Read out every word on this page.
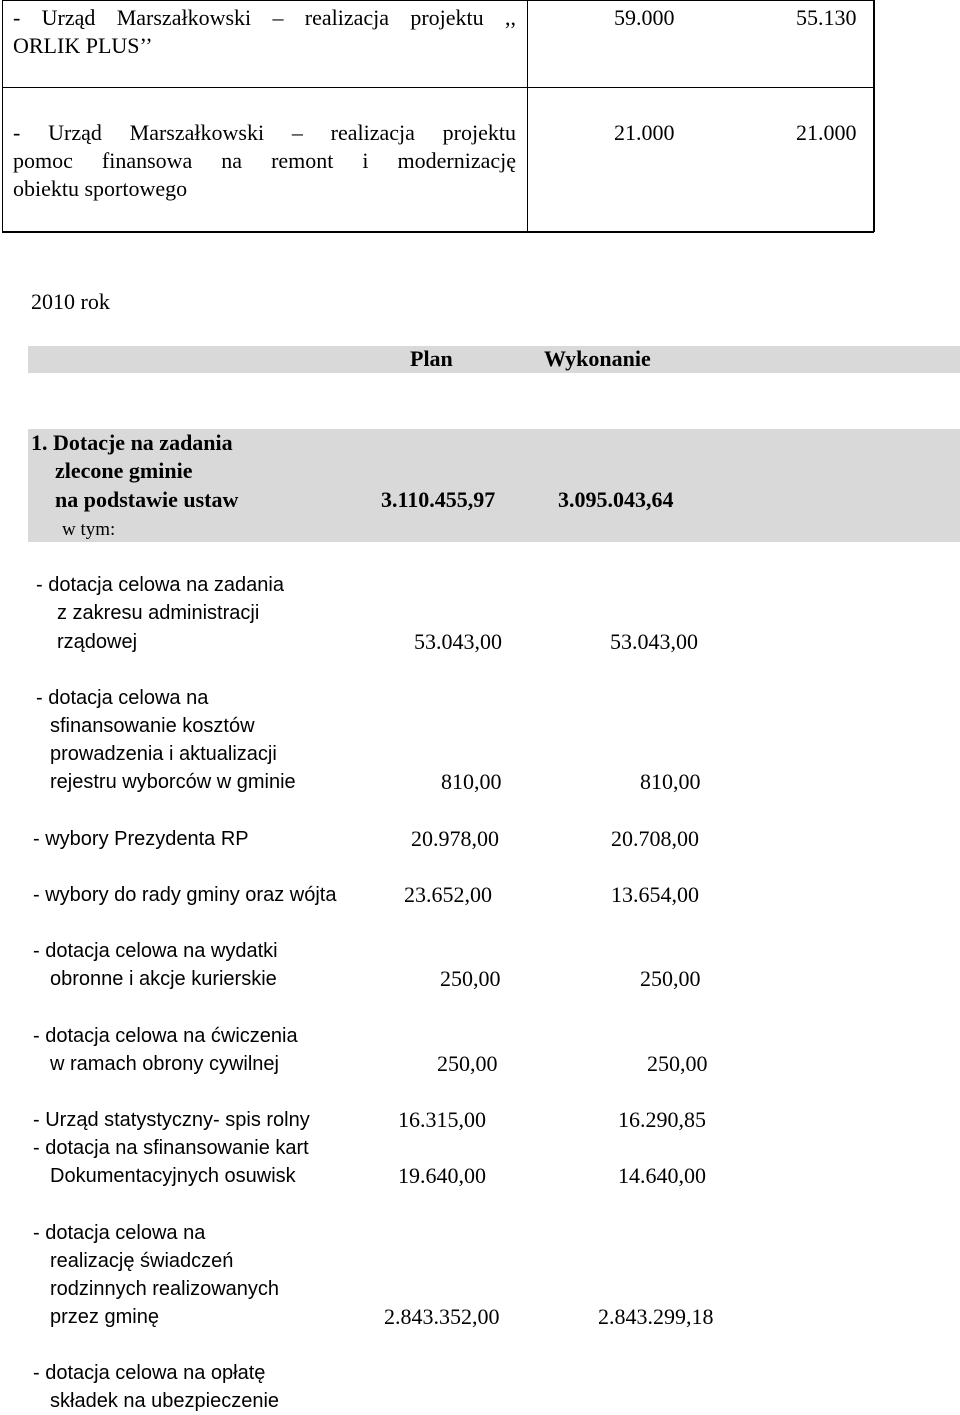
- Urząd Marszałkowski – realizacja projektu ,,
ORLIK PLUS’’
59.000	55.130
- Urząd Marszałkowski – realizacja projektu
pomoc finansowa na remont i modernizację
obiektu sportowego
21.000	21.000
2010 rok
Plan	Wykonanie
1. Dotacje na zadania
zlecone gminie
na podstawie ustaw	3.110.455,97	3.095.043,64
w tym:
- dotacja celowa na zadania
z zakresu administracji
rządowej	53.043,00	53.043,00
- dotacja celowa na
sfinansowanie kosztów
prowadzenia i aktualizacji
rejestru wyborców w gminie	810,00	810,00
- wybory Prezydenta RP	20.978,00	20.708,00
- wybory do rady gminy oraz wójta	23.652,00	13.654,00
- dotacja celowa na wydatki
obronne i akcje kurierskie	250,00	250,00
- dotacja celowa na ćwiczenia
w ramach obrony cywilnej	250,00	250,00
- Urząd statystyczny- spis rolny	16.315,00	16.290,85
- dotacja na sfinansowanie kart
Dokumentacyjnych osuwisk	19.640,00	14.640,00
- dotacja celowa na
realizację świadczeń
rodzinnych realizowanych
przez gminę	2.843.352,00	2.843.299,18
- dotacja celowa na opłatę
składek na ubezpieczenie
